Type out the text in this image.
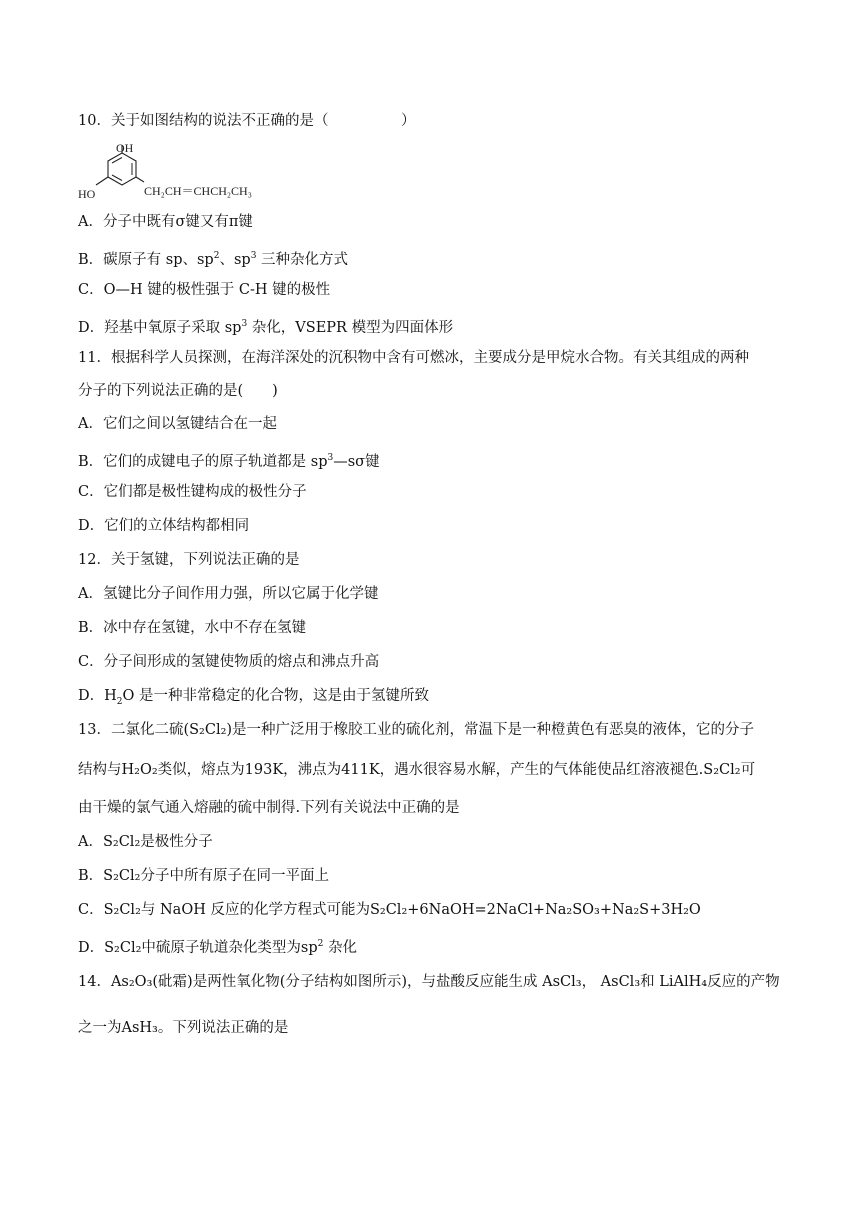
10．关于如图结构的说法不正确的是（　　　　　）
OH
HO	CH₂CH＝CHCH₂CH₃
A．分子中既有σ键又有π键
B．碳原子有 sp、$sp^2$、$sp^3$ 三种杂化方式
C．O—H 键的极性强于 C-H 键的极性
D．羟基中氧原子采取 $sp^3$ 杂化，VSEPR 模型为四面体形
11．根据科学人员探测，在海洋深处的沉积物中含有可燃冰，主要成分是甲烷水合物。有关其组成的两种
分子的下列说法正确的是(　　)
A．它们之间以氢键结合在一起
B．它们的成键电子的原子轨道都是 $sp^3—s\sigma$键
C．它们都是极性键构成的极性分子
D．它们的立体结构都相同
12．关于氢键，下列说法正确的是
A．氢键比分子间作用力强，所以它属于化学键
B．冰中存在氢键，水中不存在氢键
C．分子间形成的氢键使物质的熔点和沸点升高
D．$H_2O$ 是一种非常稳定的化合物，这是由于氢键所致
13．二氯化二硫(S₂Cl₂)是一种广泛用于橡胶工业的硫化剂，常温下是一种橙黄色有恶臭的液体，它的分子
结构与H₂O₂类似，熔点为193K，沸点为411K，遇水很容易水解，产生的气体能使品红溶液褪色.S₂Cl₂可
由干燥的氯气通入熔融的硫中制得.下列有关说法中正确的是
A．S₂Cl₂是极性分子
B．S₂Cl₂分子中所有原子在同一平面上
C．S₂Cl₂与 NaOH 反应的化学方程式可能为S₂Cl₂+6NaOH=2NaCl+Na₂SO₃+Na₂S+3H₂O
D．S₂Cl₂中硫原子轨道杂化类型为$sp^2$ 杂化
14．As₂O₃(砒霜)是两性氧化物(分子结构如图所示)，与盐酸反应能生成 AsCl₃， AsCl₃和 LiAlH₄反应的产物
之一为AsH₃。下列说法正确的是
